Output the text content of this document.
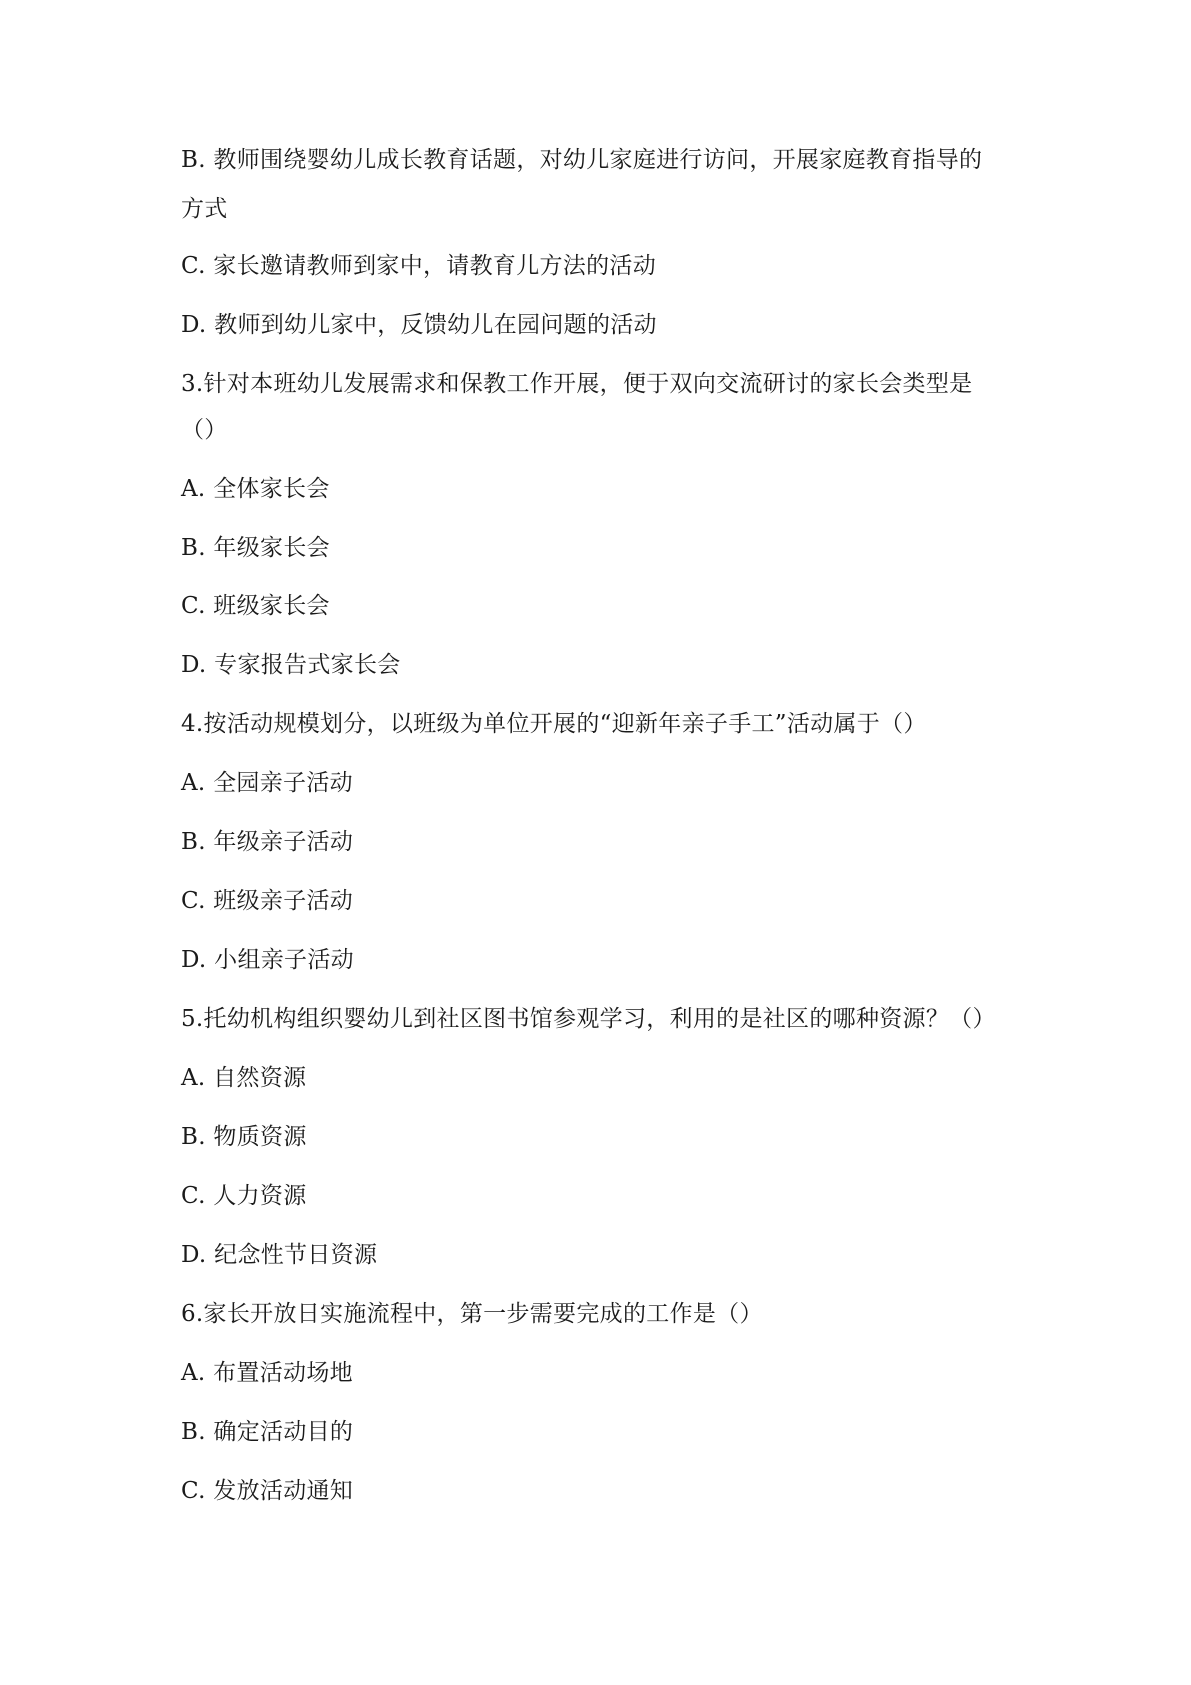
B. 教师围绕婴幼儿成长教育话题，对幼儿家庭进行访问，开展家庭教育指导的
方式
C. 家长邀请教师到家中，请教育儿方法的活动
D. 教师到幼儿家中，反馈幼儿在园问题的活动
3.针对本班幼儿发展需求和保教工作开展，便于双向交流研讨的家长会类型是
（）
A. 全体家长会
B. 年级家长会
C. 班级家长会
D. 专家报告式家长会
4.按活动规模划分，以班级为单位开展的“迎新年亲子手工”活动属于（）
A. 全园亲子活动
B. 年级亲子活动
C. 班级亲子活动
D. 小组亲子活动
5.托幼机构组织婴幼儿到社区图书馆参观学习，利用的是社区的哪种资源？（）
A. 自然资源
B. 物质资源
C. 人力资源
D. 纪念性节日资源
6.家长开放日实施流程中，第一步需要完成的工作是（）
A. 布置活动场地
B. 确定活动目的
C. 发放活动通知
